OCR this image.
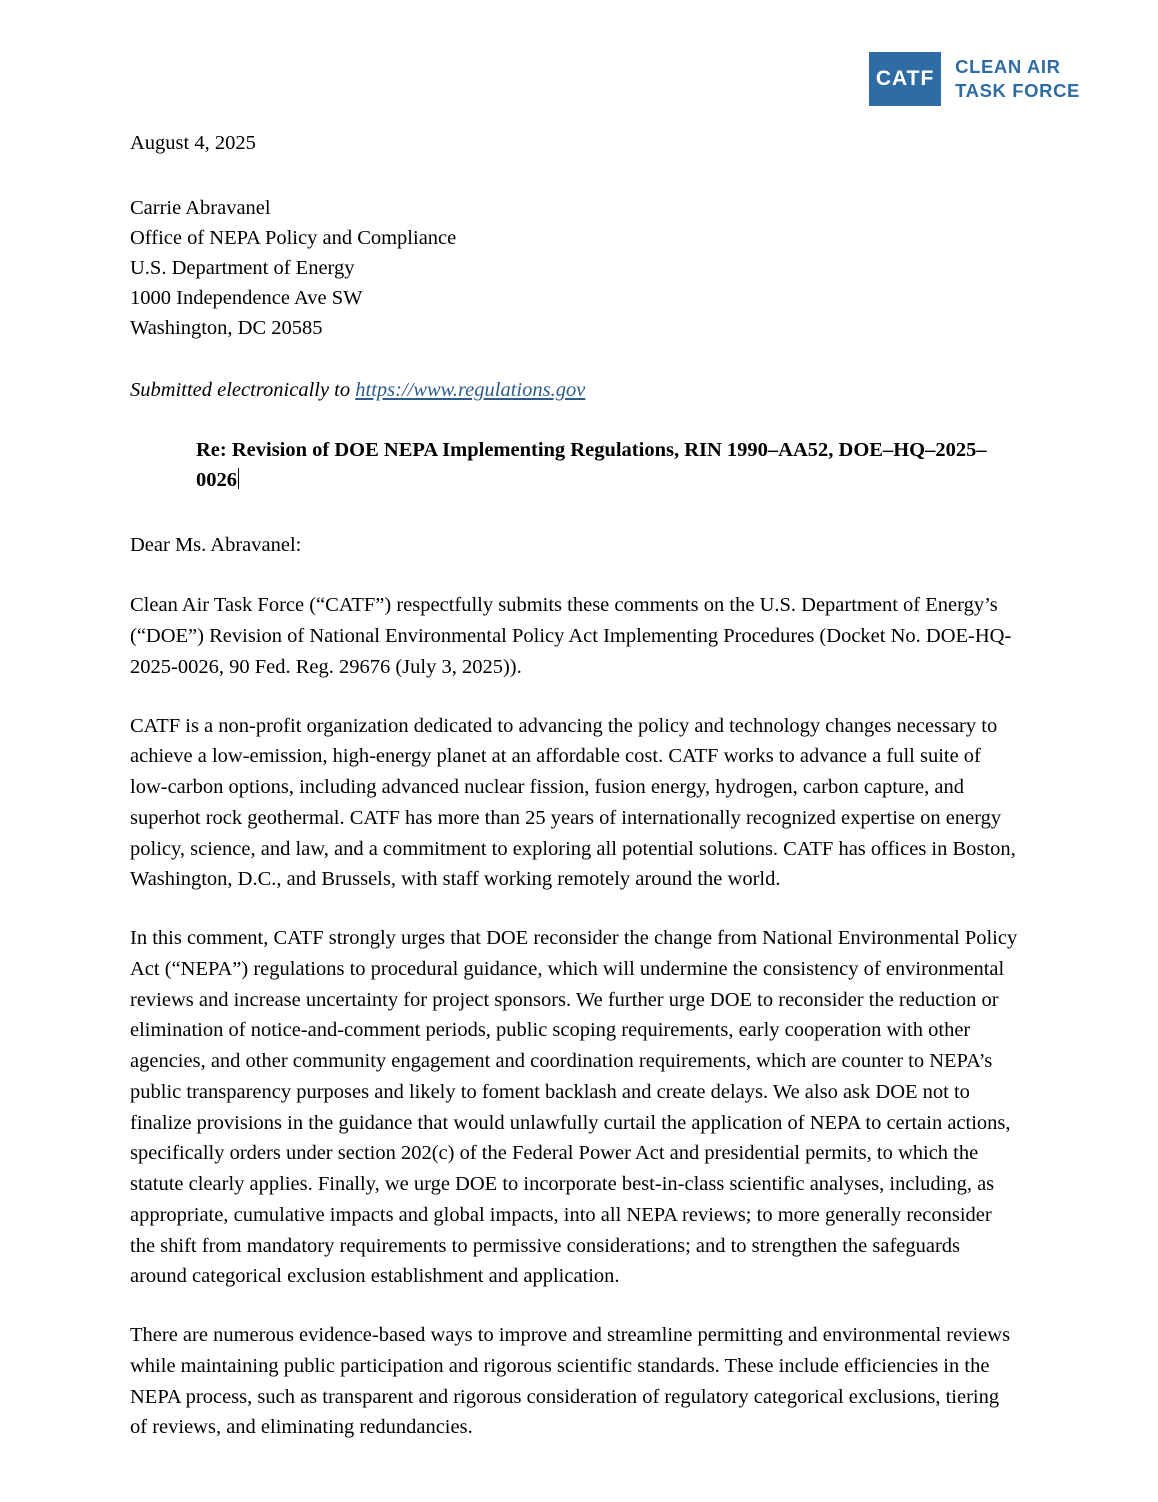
CATF
CLEAN AIR
TASK FORCE

August 4, 2025

Carrie Abravanel

Office of NEPA Policy and Compliance

U.S. Department of Energy

1000 Independence Ave SW

Washington, DC 20585

Submitted electronically to https://www.regulations.gov

Re: Revision of DOE NEPA Implementing Regulations, RIN 1990–AA52, DOE–HQ–2025–0026

Dear Ms. Abravanel:

Clean Air Task Force (“CATF”) respectfully submits these comments on the U.S. Department of Energy’s (“DOE”) Revision of National Environmental Policy Act Implementing Procedures (Docket No. DOE-HQ-2025-0026, 90 Fed. Reg. 29676 (July 3, 2025)).

CATF is a non-profit organization dedicated to advancing the policy and technology changes necessary to achieve a low-emission, high-energy planet at an affordable cost. CATF works to advance a full suite of low-carbon options, including advanced nuclear fission, fusion energy, hydrogen, carbon capture, and superhot rock geothermal. CATF has more than 25 years of internationally recognized expertise on energy policy, science, and law, and a commitment to exploring all potential solutions. CATF has offices in Boston, Washington, D.C., and Brussels, with staff working remotely around the world.

In this comment, CATF strongly urges that DOE reconsider the change from National Environmental Policy Act (“NEPA”) regulations to procedural guidance, which will undermine the consistency of environmental reviews and increase uncertainty for project sponsors. We further urge DOE to reconsider the reduction or elimination of notice-and-comment periods, public scoping requirements, early cooperation with other agencies, and other community engagement and coordination requirements, which are counter to NEPA’s public transparency purposes and likely to foment backlash and create delays. We also ask DOE not to finalize provisions in the guidance that would unlawfully curtail the application of NEPA to certain actions, specifically orders under section 202(c) of the Federal Power Act and presidential permits, to which the statute clearly applies. Finally, we urge DOE to incorporate best-in-class scientific analyses, including, as appropriate, cumulative impacts and global impacts, into all NEPA reviews; to more generally reconsider the shift from mandatory requirements to permissive considerations; and to strengthen the safeguards around categorical exclusion establishment and application.

There are numerous evidence-based ways to improve and streamline permitting and environmental reviews while maintaining public participation and rigorous scientific standards. These include efficiencies in the NEPA process, such as transparent and rigorous consideration of regulatory categorical exclusions, tiering of reviews, and eliminating redundancies.
